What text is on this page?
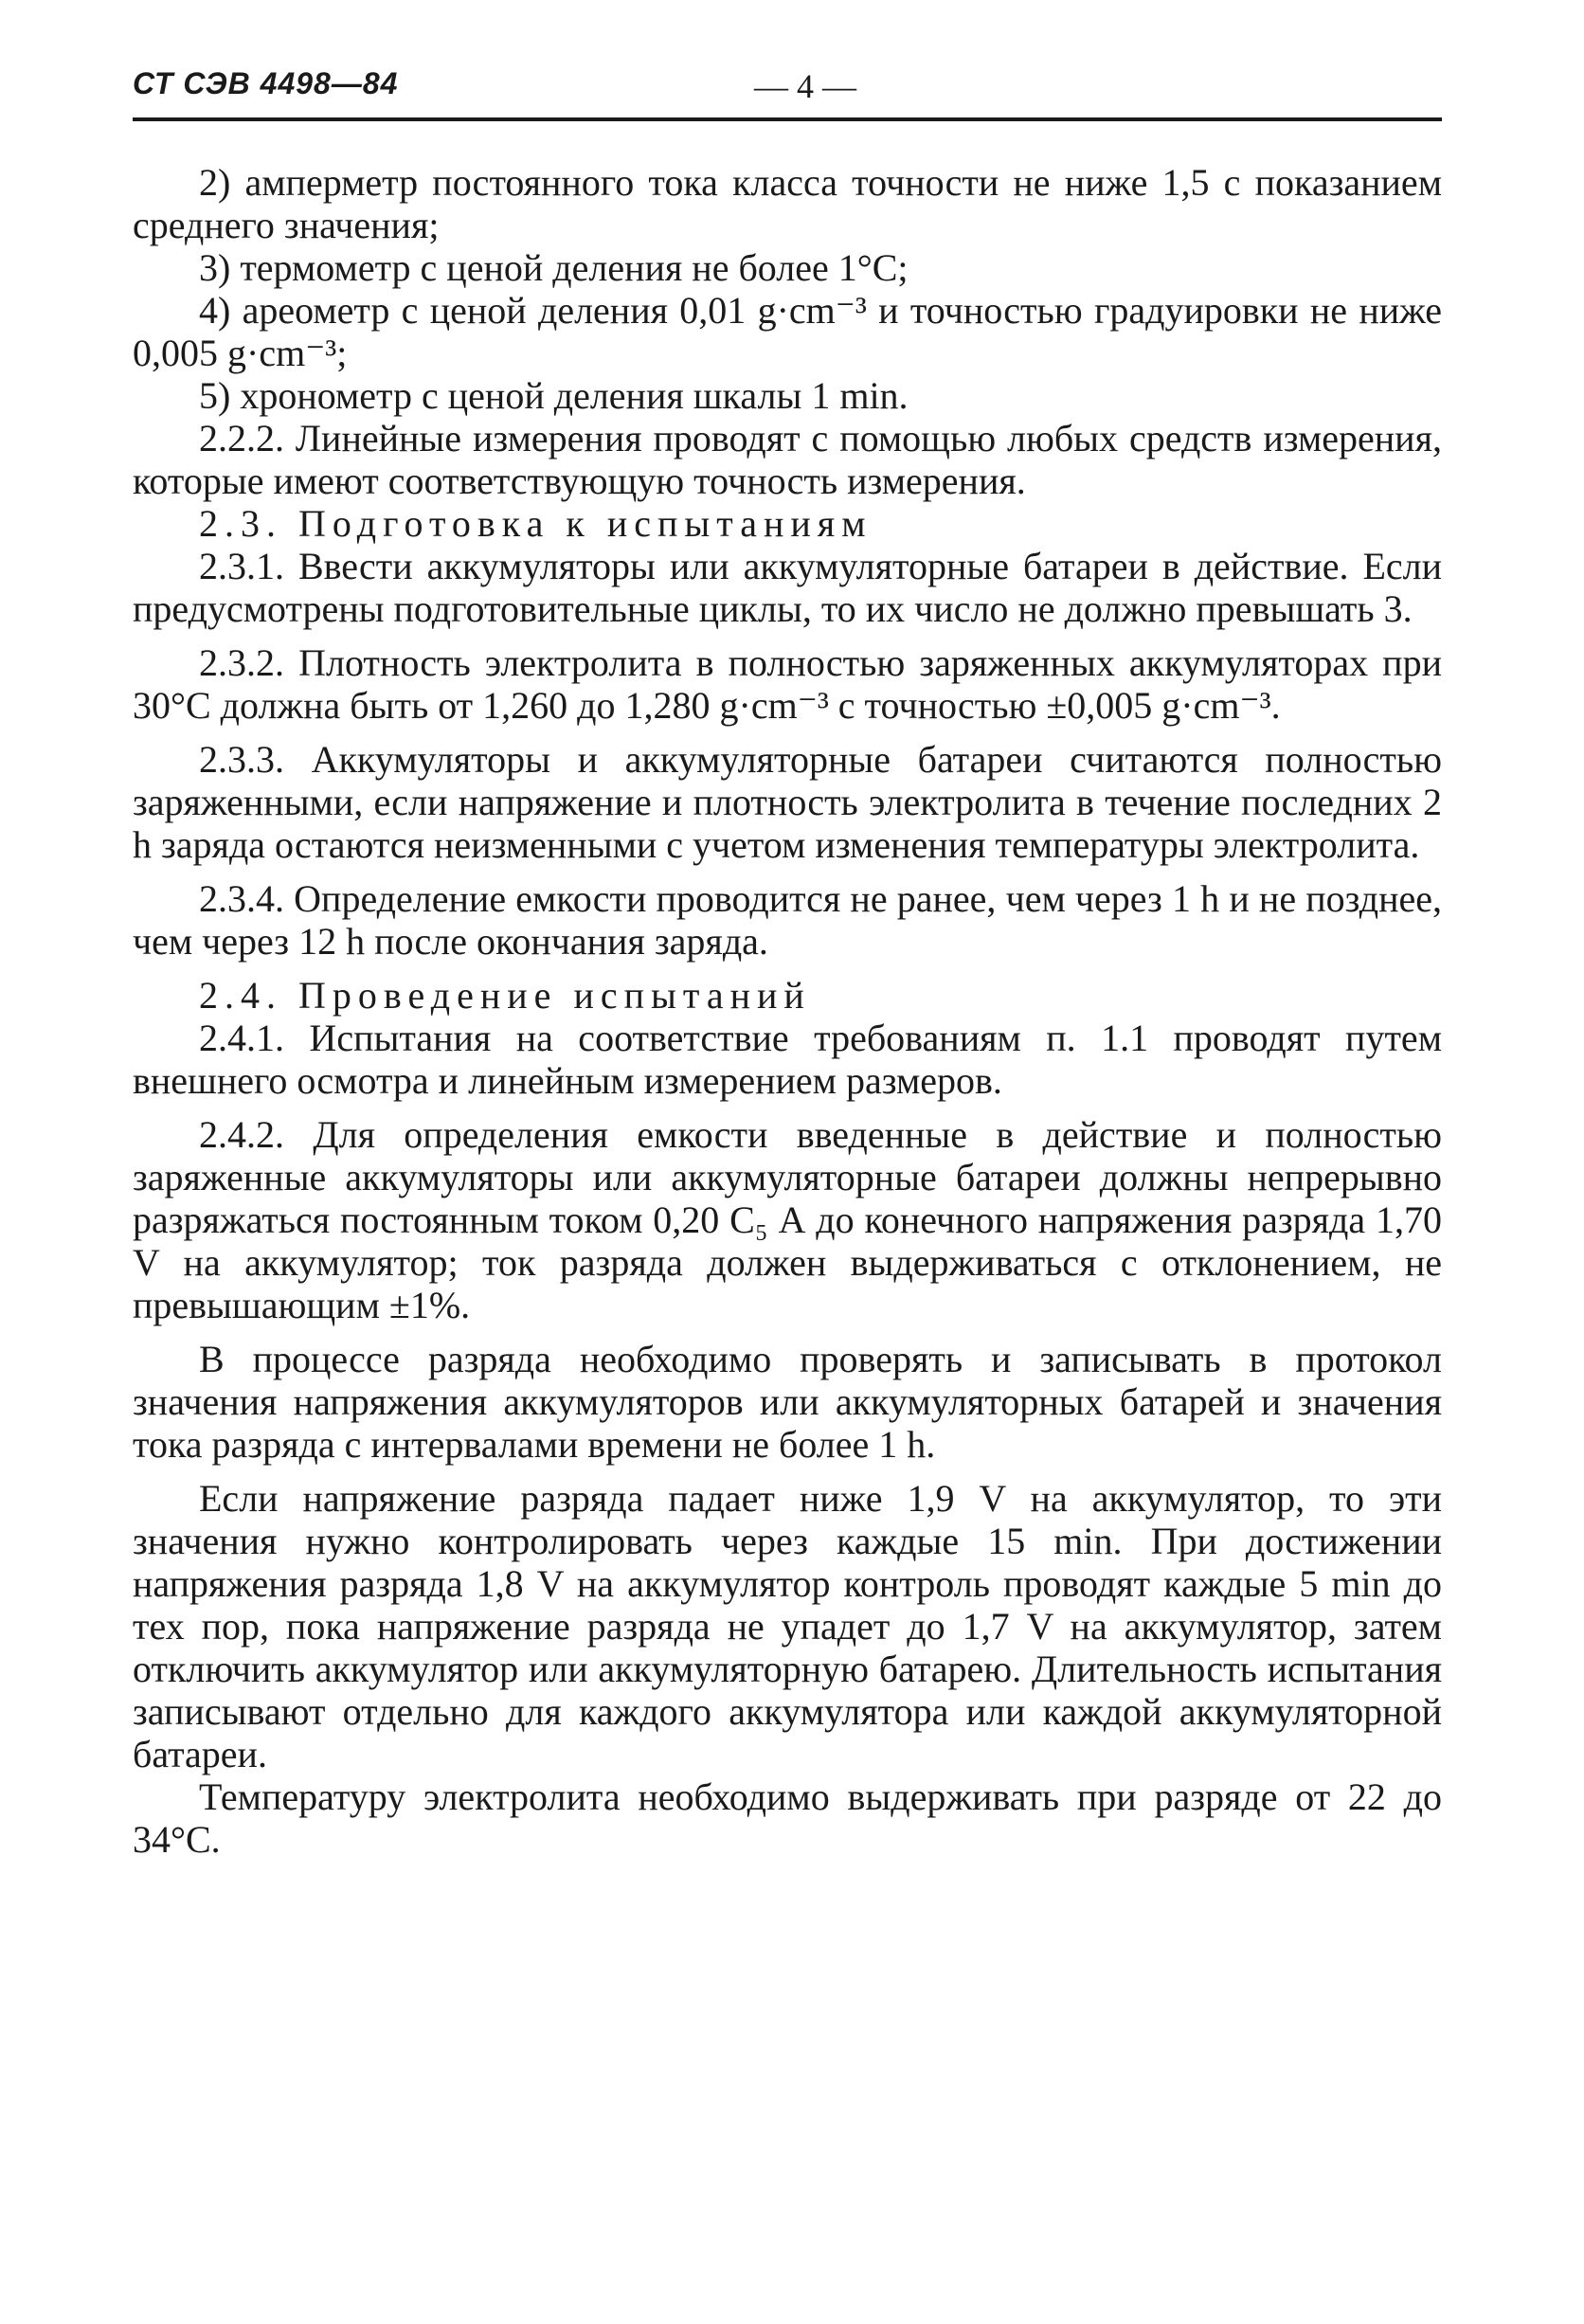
СТ СЭВ 4498—84	— 4 —

2) амперметр постоянного тока класса точности не ниже 1,5 с показанием среднего значения;

3) термометр с ценой деления не более 1°С;

4) ареометр с ценой деления 0,01 g·cm⁻³ и точностью градуировки не ниже 0,005 g·cm⁻³;

5) хронометр с ценой деления шкалы 1 min.

2.2.2. Линейные измерения проводят с помощью любых средств измерения, которые имеют соответствующую точность измерения.

2.3. Подготовка к испытаниям

2.3.1. Ввести аккумуляторы или аккумуляторные батареи в действие. Если предусмотрены подготовительные циклы, то их число не должно превышать 3.

2.3.2. Плотность электролита в полностью заряженных аккумуляторах при 30°С должна быть от 1,260 до 1,280 g·cm⁻³ с точностью ±0,005 g·cm⁻³.

2.3.3. Аккумуляторы и аккумуляторные батареи считаются полностью заряженными, если напряжение и плотность электролита в течение последних 2 h заряда остаются неизменными с учетом изменения температуры электролита.

2.3.4. Определение емкости проводится не ранее, чем через 1 h и не позднее, чем через 12 h после окончания заряда.

2.4. Проведение испытаний

2.4.1. Испытания на соответствие требованиям п. 1.1 проводят путем внешнего осмотра и линейным измерением размеров.

2.4.2. Для определения емкости введенные в действие и полностью заряженные аккумуляторы или аккумуляторные батареи должны непрерывно разряжаться постоянным током 0,20 C₅ А до конечного напряжения разряда 1,70 V на аккумулятор; ток разряда должен выдерживаться с отклонением, не превышающим ±1%.

В процессе разряда необходимо проверять и записывать в протокол значения напряжения аккумуляторов или аккумуляторных батарей и значения тока разряда с интервалами времени не более 1 h.

Если напряжение разряда падает ниже 1,9 V на аккумулятор, то эти значения нужно контролировать через каждые 15 min. При достижении напряжения разряда 1,8 V на аккумулятор контроль проводят каждые 5 min до тех пор, пока напряжение разряда не упадет до 1,7 V на аккумулятор, затем отключить аккумулятор или аккумуляторную батарею. Длительность испытания записывают отдельно для каждого аккумулятора или каждой аккумуляторной батареи.

Температуру электролита необходимо выдерживать при разряде от 22 до 34°С.
